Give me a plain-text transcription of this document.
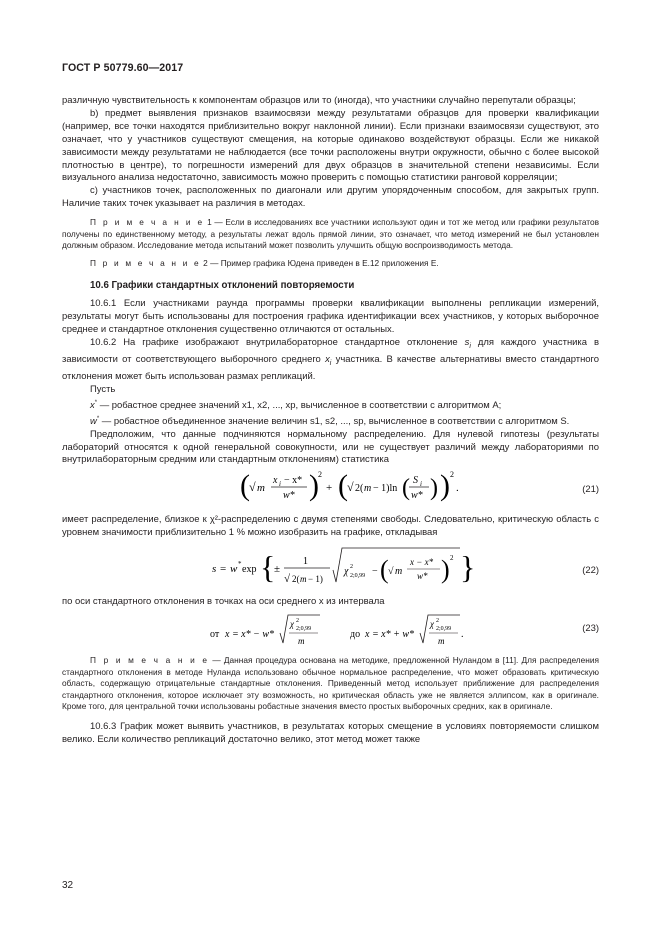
ГОСТ Р 50779.60—2017

различную чувствительность к компонентам образцов или то (иногда), что участники случайно перепутали образцы;

b) предмет выявления признаков взаимосвязи между результатами образцов для проверки квалификации (например, все точки находятся приблизительно вокруг наклонной линии). Если признаки взаимосвязи существуют, это означает, что у участников существуют смещения, на которые одинаково воздействуют образцы. Если же никакой зависимости между результатами не наблюдается (все точки расположены внутри окружности, обычно с более высокой плотностью в центре), то погрешности измерений для двух образцов в значительной степени независимы. Если визуального анализа недостаточно, зависимость можно проверить с помощью статистики ранговой корреляции;

c) участников точек, расположенных по диагонали или другим упорядоченным способом, для закрытых групп. Наличие таких точек указывает на различия в методах.

П р и м е ч а н и е 1 — Если в исследованиях все участники используют один и тот же метод или графики результатов получены по единственному методу, а результаты лежат вдоль прямой линии, это означает, что метод измерений не был установлен должным образом. Исследование метода испытаний может позволить улучшить общую воспроизводимость метода.

П р и м е ч а н и е 2 — Пример графика Юдена приведен в Е.12 приложения Е.

10.6 Графики стандартных отклонений повторяемости

10.6.1 Если участниками раунда программы проверки квалификации выполнены репликации измерений, результаты могут быть использованы для построения графика идентификации всех участников, у которых выборочное среднее и стандартное отклонения существенно отличаются от остальных.

10.6.2 На графике изображают внутрилабораторное стандартное отклонение $s_i$ для каждого участника в зависимости от соответствующего выборочного среднего $x_i$ участника. В качестве альтернативы вместо стандартного отклонения может быть использован размах репликаций.

Пусть

x* — робастное среднее значений x1, x2, ..., xp, вычисленное в соответствии с алгоритмом А;

w* — робастное объединенное значение величин s1, s2, ..., sp, вычисленное в соответствии с алгоритмом S.

Предположим, что данные подчиняются нормальному распределению. Для нулевой гипотезы (результаты лабораторий относятся к одной генеральной совокупности, или не существует различий между лабораториями по внутрилабораторным средним или стандартным отклонениям) статистика

( √ m
x i − x*
w* ) 2
+ ( √ 2( m − 1)ln ( S i
w* ) ) 2
.	(21)

имеет распределение, близкое к χ²-распределению с двумя степенями свободы. Следовательно, критическую область с уровнем значимости приблизительно 1 % можно изобразить на графике, откладывая

s = w * exp {
±
1
√ 2( m − 1)
χ 2
2;0,99 − ( √ m
x − x*
w* ) 2 }	(22)

по оси стандартного отклонения в точках на оси среднего x из интервала

от x = x* − w*
χ 2
2;0,99
m
до x = x* + w*
χ 2
2;0,99
m
.
(23)

П р и м е ч а н и е — Данная процедура основана на методике, предложенной Нуландом в [11]. Для распределения стандартного отклонения в методе Нуланда использовано обычное нормальное распределение, что может образовать критическую область, содержащую отрицательные стандартные отклонения. Приведенный метод использует приближение для распределения стандартного отклонения, которое исключает эту возможность, но критическая область уже не является эллипсом, как в оригинале. Кроме того, для центральной точки использованы робастные значения вместо простых выборочных средних, как в оригинале.

10.6.3 График может выявить участников, в результатах которых смещение в условиях повторяемости слишком велико. Если количество репликаций достаточно велико, этот метод может также

32
